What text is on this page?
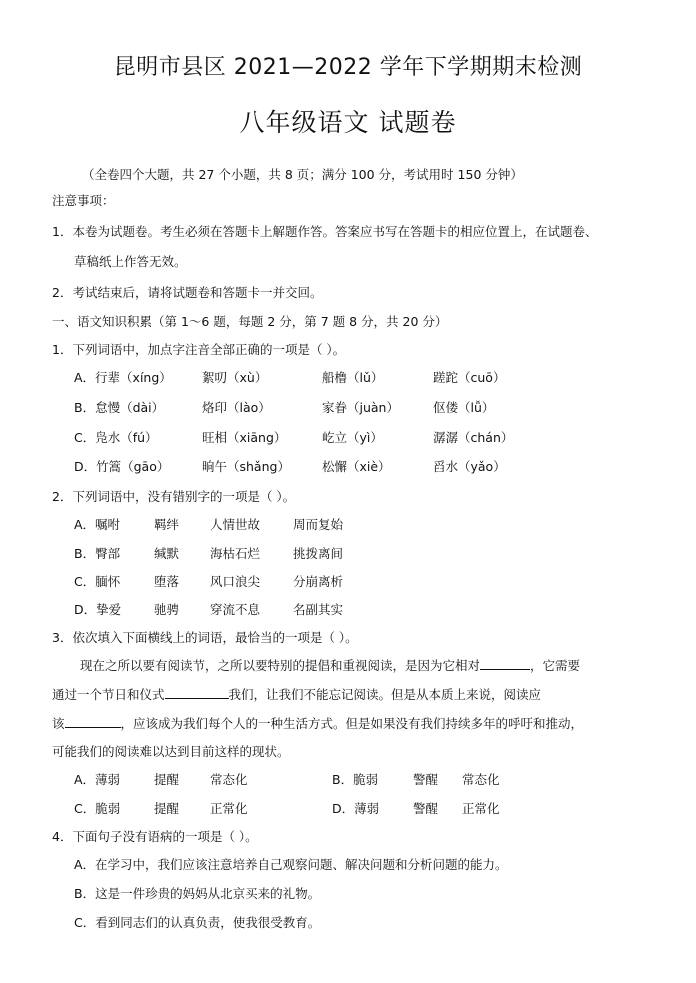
昆明市县区 2021—2022 学年下学期期末检测
八年级语文 试题卷
（全卷四个大题，共 27 个小题，共 8 页；满分 100 分，考试用时 150 分钟）
注意事项：
1．本卷为试题卷。考生必须在答题卡上解题作答。答案应书写在答题卡的相应位置上，在试题卷、
草稿纸上作答无效。
2．考试结束后，请将试题卷和答题卡一并交回。
一、语文知识积累（第 1～6 题，每题 2 分，第 7 题 8 分，共 20 分）
1．下列词语中，加点字注音全部正确的一项是（ ）。
A．行辈（xíng） 絮叨（xù）	船橹（lǔ）	蹉跎（cuō）
B．怠慢（dài）	烙印（lào）	家眷（juàn）	伛偻（lǚ）
C．凫水（fú）	旺相（xiāng）	屹立（yì）	潺潺（chán）
D．竹篙（gāo）	晌午（shǎng）	松懈（xiè）	舀水（yǎo）
2．下列词语中，没有错别字的一项是（ ）。
A．嘱咐	羁绊 人情世故	周而复始
B．臀部	缄默 海枯石烂	挑拨离间
C．腼怀	堕落 风口浪尖	分崩离析
D．挚爱	驰骋 穿流不息	名副其实
3．依次填入下面横线上的词语，最恰当的一项是（ ）。
现在之所以要有阅读节，之所以要特别的提倡和重视阅读，是因为它相对	，它需要
通过一个节日和仪式	我们，让我们不能忘记阅读。但是从本质上来说，阅读应
该	，应该成为我们每个人的一种生活方式。但是如果没有我们持续多年的呼吁和推动，
可能我们的阅读难以达到目前这样的现状。
A．薄弱	提醒 常态化	B．脆弱	警醒 常态化
C．脆弱	提醒 正常化	D．薄弱	警醒 正常化
4．下面句子没有语病的一项是（ ）。
A．在学习中，我们应该注意培养自己观察问题、解决问题和分析问题的能力。
B．这是一件珍贵的妈妈从北京买来的礼物。
C．看到同志们的认真负责，使我很受教育。
